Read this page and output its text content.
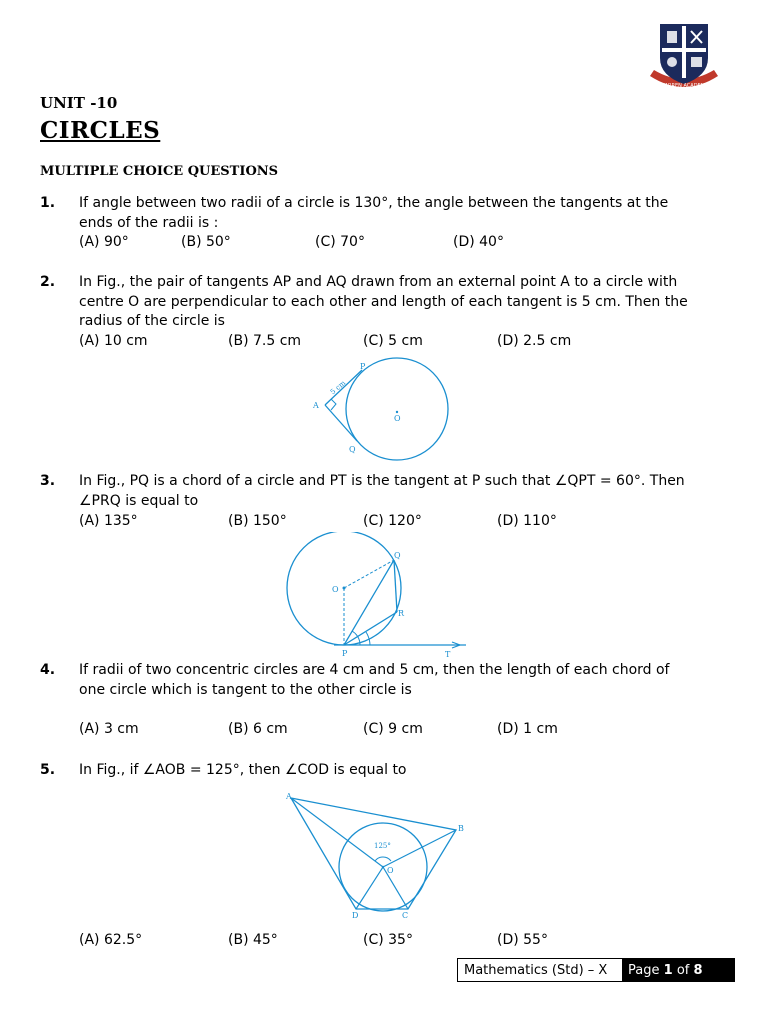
WARREN ACADEMY
UNIT -10
CIRCLES
MULTIPLE CHOICE QUESTIONS
1. If angle between two radii of a circle is 130°, the angle between the tangents at the
ends of the radii is :
(A) 90°	(B) 50°	(C) 70°	(D) 40°
2. In Fig., the pair of tangents AP and AQ drawn from an external point A to a circle with
centre O are perpendicular to each other and length of each tangent is 5 cm. Then the
radius of the circle is
(A) 10 cm	(B) 7.5 cm	(C) 5 cm	(D) 2.5 cm
P
A
Q
O
5 cm
3. In Fig., PQ is a chord of a circle and PT is the tangent at P such that ∠QPT = 60°. Then
∠PRQ is equal to
(A) 135°	(B) 150°	(C) 120°	(D) 110°
Q
O
R
P	T
4. If radii of two concentric circles are 4 cm and 5 cm, then the length of each chord of
one circle which is tangent to the other circle is
(A) 3 cm	(B) 6 cm	(C) 9 cm	(D) 1 cm
5. In Fig., if ∠AOB = 125°, then ∠COD is equal to
(A) 62.5°	(B) 45°	(C) 35°	(D) 55°
A
B
O
C
D
125°
Mathematics (Std) – X	Page
1
of
8
